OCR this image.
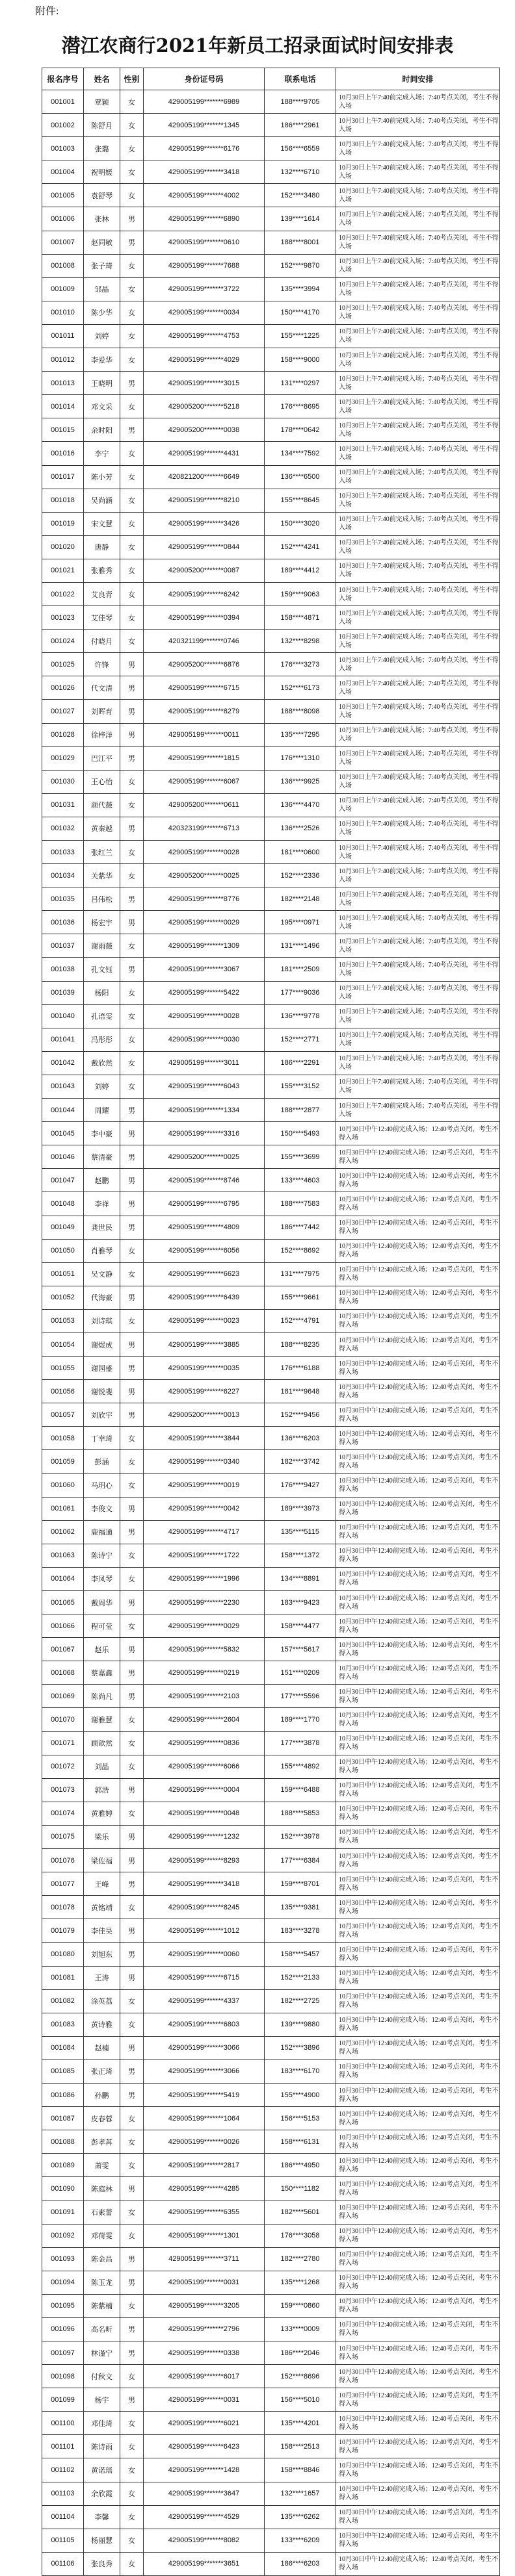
附件:
潜江农商行2021年新员工招录面试时间安排表
报名序号	姓名	性别	身份证号码	联系电话	时间安排
001001	覃颖	女	429005199*******6989	188****9705	10月30日上午7:40前完成入场；7:40考点关闭，考生不得入场
001002	陈舒月	女	429005199*******1345	186****2961	10月30日上午7:40前完成入场；7:40考点关闭，考生不得入场
001003	张璐	女	429005199*******6176	156****6559	10月30日上午7:40前完成入场；7:40考点关闭，考生不得入场
001004	祝明媛	女	429005199*******3418	132****6710	10月30日上午7:40前完成入场；7:40考点关闭，考生不得入场
001005	袁舒琴	女	429005199*******4002	152****3480	10月30日上午7:40前完成入场；7:40考点关闭，考生不得入场
001006	张林	男	429005199*******6890	139****1614	10月30日上午7:40前完成入场；7:40考点关闭，考生不得入场
001007	赵同敏	男	429005199*******0610	188****8001	10月30日上午7:40前完成入场；7:40考点关闭，考生不得入场
001008	张子琦	女	429005199*******7688	152****9870	10月30日上午7:40前完成入场；7:40考点关闭，考生不得入场
001009	邹晶	女	429005199*******3722	135****3994	10月30日上午7:40前完成入场；7:40考点关闭，考生不得入场
001010	陈少华	女	429005199*******0034	150****4170	10月30日上午7:40前完成入场；7:40考点关闭，考生不得入场
001011	刘婷	女	429005199*******4753	155****1225	10月30日上午7:40前完成入场；7:40考点关闭，考生不得入场
001012	李爱华	女	429005199*******4029	158****9000	10月30日上午7:40前完成入场；7:40考点关闭，考生不得入场
001013	王晓明	男	429005199*******3015	131****0297	10月30日上午7:40前完成入场；7:40考点关闭，考生不得入场
001014	邓文采	女	429005200*******5218	176****8695	10月30日上午7:40前完成入场；7:40考点关闭，考生不得入场
001015	余时阳	男	429005200*******0038	178****0642	10月30日上午7:40前完成入场；7:40考点关闭，考生不得入场
001016	李宁	女	429005199*******4431	134****7592	10月30日上午7:40前完成入场；7:40考点关闭，考生不得入场
001017	陈小芳	女	420821200*******6649	136****6500	10月30日上午7:40前完成入场；7:40考点关闭，考生不得入场
001018	吴尚涵	女	429005199*******8210	155****8645	10月30日上午7:40前完成入场；7:40考点关闭，考生不得入场
001019	宋文慧	女	429005199*******3426	150****3020	10月30日上午7:40前完成入场；7:40考点关闭，考生不得入场
001020	唐静	女	429005199*******0844	152****4241	10月30日上午7:40前完成入场；7:40考点关闭，考生不得入场
001021	张雅秀	女	429005200*******0087	189****4412	10月30日上午7:40前完成入场；7:40考点关闭，考生不得入场
001022	艾良青	女	429005199*******6242	159****9063	10月30日上午7:40前完成入场；7:40考点关闭，考生不得入场
001023	艾佳琴	女	429005199*******0394	158****4871	10月30日上午7:40前完成入场；7:40考点关闭，考生不得入场
001024	付晓月	女	420321199*******0746	132****8298	10月30日上午7:40前完成入场；7:40考点关闭，考生不得入场
001025	许锋	男	429005200*******6876	176****3273	10月30日上午7:40前完成入场；7:40考点关闭，考生不得入场
001026	代文清	男	429005199*******6715	152****6173	10月30日上午7:40前完成入场；7:40考点关闭，考生不得入场
001027	刘晖育	男	429005199*******8279	188****8098	10月30日上午7:40前完成入场；7:40考点关闭，考生不得入场
001028	徐梓洋	男	429005199*******0011	135****7295	10月30日上午7:40前完成入场；7:40考点关闭，考生不得入场
001029	巴江平	男	429005199*******1815	176****1310	10月30日上午7:40前完成入场；7:40考点关闭，考生不得入场
001030	王心怡	女	429005199*******6067	136****9925	10月30日上午7:40前完成入场；7:40考点关闭，考生不得入场
001031	颜代薇	女	429005200*******0611	136****4470	10月30日上午7:40前完成入场；7:40考点关闭，考生不得入场
001032	黄秦越	男	420323199*******6713	136****2526	10月30日上午7:40前完成入场；7:40考点关闭，考生不得入场
001033	张红兰	女	429005199*******0028	181****0600	10月30日上午7:40前完成入场；7:40考点关闭，考生不得入场
001034	关紫华	女	429005200*******0025	152****2336	10月30日上午7:40前完成入场；7:40考点关闭，考生不得入场
001035	吕伟松	男	429005199*******8776	182****2148	10月30日上午7:40前完成入场；7:40考点关闭，考生不得入场
001036	杨宏宇	男	429005199*******0029	195****0971	10月30日上午7:40前完成入场；7:40考点关闭，考生不得入场
001037	谢雨薇	女	429005199*******1309	131****1496	10月30日上午7:40前完成入场；7:40考点关闭，考生不得入场
001038	孔文钰	男	429005199*******3067	181****2509	10月30日上午7:40前完成入场；7:40考点关闭，考生不得入场
001039	杨阳	女	429005199*******5422	177****9036	10月30日上午7:40前完成入场；7:40考点关闭，考生不得入场
001040	孔语雯	女	429005199*******0028	136****9778	10月30日上午7:40前完成入场；7:40考点关闭，考生不得入场
001041	冯彤彤	女	429005199*******0030	152****2771	10月30日上午7:40前完成入场；7:40考点关闭，考生不得入场
001042	戴欣然	女	429005199*******3011	186****2291	10月30日上午7:40前完成入场；7:40考点关闭，考生不得入场
001043	刘婷	女	429005199*******6043	155****3152	10月30日上午7:40前完成入场；7:40考点关闭，考生不得入场
001044	周耀	男	429005199*******1334	188****2877	10月30日上午7:40前完成入场；7:40考点关闭，考生不得入场
001045	李中豪	男	429005199*******3316	150****5493	10月30日中午12:40前完成入场；12:40考点关闭，考生不得入场
001046	蔡清豪	男	429005200*******0025	155****3699	10月30日中午12:40前完成入场；12:40考点关闭，考生不得入场
001047	赵鹏	男	429005199*******8746	133****4603	10月30日中午12:40前完成入场；12:40考点关闭，考生不得入场
001048	李祥	男	429005199*******6795	188****7583	10月30日中午12:40前完成入场；12:40考点关闭，考生不得入场
001049	龚世民	男	429005199*******4809	186****7442	10月30日中午12:40前完成入场；12:40考点关闭，考生不得入场
001050	肖雅琴	女	429005199*******6056	152****8692	10月30日中午12:40前完成入场；12:40考点关闭，考生不得入场
001051	吴文静	女	429005199*******6623	131****7975	10月30日中午12:40前完成入场；12:40考点关闭，考生不得入场
001052	代海豪	男	429005199*******6439	155****9661	10月30日中午12:40前完成入场；12:40考点关闭，考生不得入场
001053	刘诗琪	女	429005199*******0023	152****4791	10月30日中午12:40前完成入场；12:40考点关闭，考生不得入场
001054	谢煜成	男	429005199*******3885	188****8235	10月30日中午12:40前完成入场；12:40考点关闭，考生不得入场
001055	谢园盛	男	429005199*******0035	176****6188	10月30日中午12:40前完成入场；12:40考点关闭，考生不得入场
001056	谢锐斐	男	429005199*******6227	181****9648	10月30日中午12:40前完成入场；12:40考点关闭，考生不得入场
001057	刘欣宇	男	429005200*******0013	152****9456	10月30日中午12:40前完成入场；12:40考点关闭，考生不得入场
001058	丁幸琦	女	429005199*******3844	136****6203	10月30日中午12:40前完成入场；12:40考点关闭，考生不得入场
001059	彭涵	女	429005199*******0340	182****3742	10月30日中午12:40前完成入场；12:40考点关闭，考生不得入场
001060	马玥心	女	429005199*******0019	176****9427	10月30日中午12:40前完成入场；12:40考点关闭，考生不得入场
001061	李俊文	男	429005199*******0042	189****3973	10月30日中午12:40前完成入场；12:40考点关闭，考生不得入场
001062	鹿福通	男	429005199*******4717	135****5115	10月30日中午12:40前完成入场；12:40考点关闭，考生不得入场
001063	陈诗宁	女	429005199*******1722	158****1372	10月30日中午12:40前完成入场；12:40考点关闭，考生不得入场
001064	李凤琴	女	429005199*******1996	134****8891	10月30日中午12:40前完成入场；12:40考点关闭，考生不得入场
001065	戴周华	男	429005199*******2230	183****9423	10月30日中午12:40前完成入场；12:40考点关闭，考生不得入场
001066	程可莹	女	429005199*******0029	158****4477	10月30日中午12:40前完成入场；12:40考点关闭，考生不得入场
001067	赵乐	男	429005199*******5832	157****5617	10月30日中午12:40前完成入场；12:40考点关闭，考生不得入场
001068	蔡嘉鑫	男	429005199*******0219	151****0209	10月30日中午12:40前完成入场；12:40考点关闭，考生不得入场
001069	陈尚凡	男	429005199*******2103	177****5596	10月30日中午12:40前完成入场；12:40考点关闭，考生不得入场
001070	谢雅慧	女	429005199*******2604	189****1770	10月30日中午12:40前完成入场；12:40考点关闭，考生不得入场
001071	顾歆然	女	429005199*******0836	177****3878	10月30日中午12:40前完成入场；12:40考点关闭，考生不得入场
001072	刘晶	女	429005199*******6066	155****4892	10月30日中午12:40前完成入场；12:40考点关闭，考生不得入场
001073	郭浩	男	429005199*******0004	159****6488	10月30日中午12:40前完成入场；12:40考点关闭，考生不得入场
001074	黄雅婷	女	429005199*******0048	188****5853	10月30日中午12:40前完成入场；12:40考点关闭，考生不得入场
001075	梁乐	男	429005199*******1232	152****3978	10月30日中午12:40前完成入场；12:40考点关闭，考生不得入场
001076	梁佐福	男	429005199*******8293	177****6384	10月30日中午12:40前完成入场；12:40考点关闭，考生不得入场
001077	王峰	男	429005199*******3418	159****8701	10月30日中午12:40前完成入场；12:40考点关闭，考生不得入场
001078	黄铭靖	女	429005199*******8245	135****9381	10月30日中午12:40前完成入场；12:40考点关闭，考生不得入场
001079	李佳昊	男	429005199*******1012	183****3278	10月30日中午12:40前完成入场；12:40考点关闭，考生不得入场
001080	刘旭东	男	429005199*******0060	158****5457	10月30日中午12:40前完成入场；12:40考点关闭，考生不得入场
001081	王涛	男	429005199*******6715	152****2133	10月30日中午12:40前完成入场；12:40考点关闭，考生不得入场
001082	涂英荔	女	429005199*******4337	182****2725	10月30日中午12:40前完成入场；12:40考点关闭，考生不得入场
001083	黄诗雅	女	429005199*******6803	139****9880	10月30日中午12:40前完成入场；12:40考点关闭，考生不得入场
001084	赵楠	男	429005199*******3066	152****3896	10月30日中午12:40前完成入场；12:40考点关闭，考生不得入场
001085	张正琦	男	429005199*******3066	183****6170	10月30日中午12:40前完成入场；12:40考点关闭，考生不得入场
001086	孙鹏	男	429005199*******5419	155****4900	10月30日中午12:40前完成入场；12:40考点关闭，考生不得入场
001087	皮春蓉	女	429005199*******1064	156****5153	10月30日中午12:40前完成入场；12:40考点关闭，考生不得入场
001088	彭孝苒	女	429005199*******0026	158****6131	10月30日中午12:40前完成入场；12:40考点关闭，考生不得入场
001089	萧雯	女	429005199*******2817	186****4950	10月30日中午12:40前完成入场；12:40考点关闭，考生不得入场
001090	陈庭林	男	429005199*******4285	150****1182	10月30日中午12:40前完成入场；12:40考点关闭，考生不得入场
001091	石素蕾	女	429005199*******6355	182****5601	10月30日中午12:40前完成入场；12:40考点关闭，考生不得入场
001092	邓荷雯	女	429005199*******1301	176****3058	10月30日中午12:40前完成入场；12:40考点关闭，考生不得入场
001093	陈金昌	男	429005199*******3711	182****2780	10月30日中午12:40前完成入场；12:40考点关闭，考生不得入场
001094	陈玉龙	男	429005199*******0031	135****1268	10月30日中午12:40前完成入场；12:40考点关闭，考生不得入场
001095	陈紫楠	女	429005199*******3205	159****0860	10月30日中午12:40前完成入场；12:40考点关闭，考生不得入场
001096	高名昕	男	429005199*******2796	133****0009	10月30日中午12:40前完成入场；12:40考点关闭，考生不得入场
001097	林谨宁	男	429005199*******0338	186****2046	10月30日中午12:40前完成入场；12:40考点关闭，考生不得入场
001098	付秋文	女	429005199*******6017	152****8696	10月30日中午12:40前完成入场；12:40考点关闭，考生不得入场
001099	杨宇	男	429005199*******0031	156****5010	10月30日中午12:40前完成入场；12:40考点关闭，考生不得入场
001100	邓佳琦	女	429005199*******6021	135****4201	10月30日中午12:40前完成入场；12:40考点关闭，考生不得入场
001101	陈诗雨	女	429005199*******6423	158****2513	10月30日中午12:40前完成入场；12:40考点关闭，考生不得入场
001102	黄诺瑶	女	429005199*******1428	158****8846	10月30日中午12:40前完成入场；12:40考点关闭，考生不得入场
001103	余欣霞	女	429005199*******3647	132****1657	10月30日中午12:40前完成入场；12:40考点关闭，考生不得入场
001104	李馨	女	429005199*******4529	135****6262	10月30日中午12:40前完成入场；12:40考点关闭，考生不得入场
001105	杨丽慧	女	429005199*******8082	133****6209	10月30日中午12:40前完成入场；12:40考点关闭，考生不得入场
001106	张良秀	女	429005199*******3651	186****6203	10月30日中午12:40前完成入场；12:40考点关闭，考生不得入场
